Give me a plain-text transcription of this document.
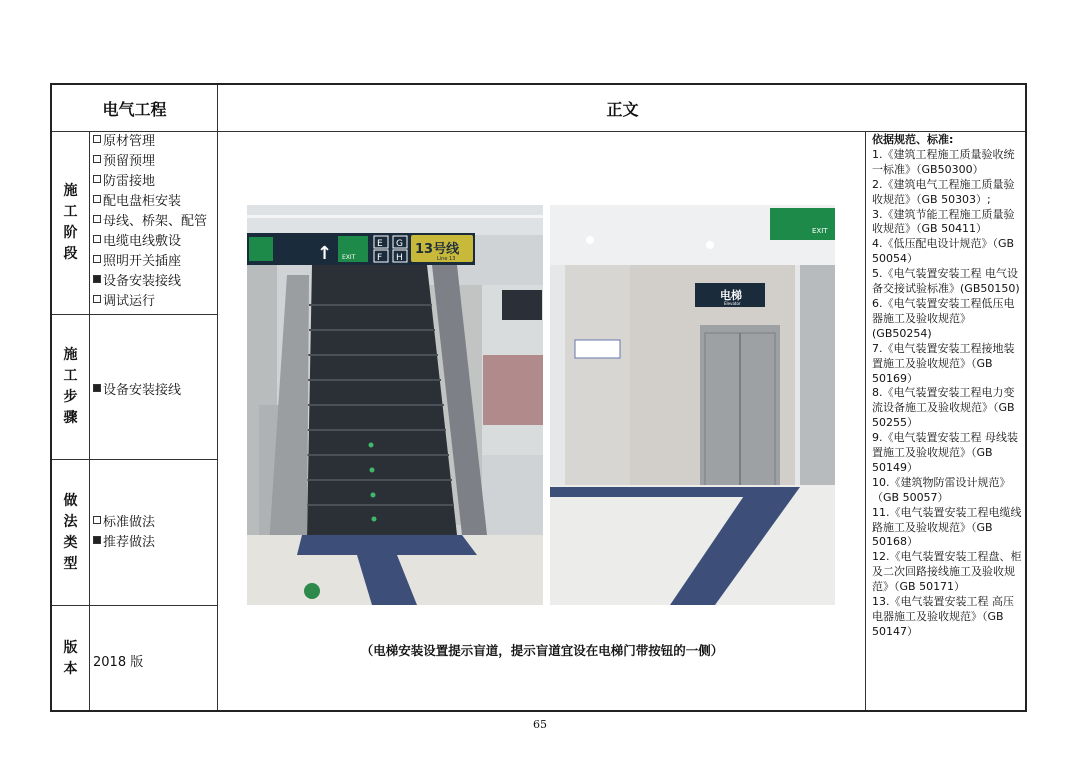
电气工程	正文
施
工
阶
段
原材管理
预留预埋
防雷接地
配电盘柜安装
母线、桥架、配管
电缆电线敷设
照明开关插座
设备安装接线
调试运行
施
工
步
骤
设备安装接线
做
法
类
型
标准做法
推荐做法
版
本 2018 版
依据规范、标准:
1.《建筑工程施工质量验收统一标准》（GB50300）
2.《建筑电气工程施工质量验收规范》（GB 50303）;
3.《建筑节能工程施工质量验收规范》（GB 50411）
4.《低压配电设计规范》（GB 50054）
5.《电气装置安装工程 电气设备交接试验标准》(GB50150)
6.《电气装置安装工程低压电器施工及验收规范》(GB50254)
7.《电气装置安装工程接地装置施工及验收规范》（GB 50169）
8.《电气装置安装工程电力变流设备施工及验收规范》（GB 50255）
9.《电气装置安装工程 母线装置施工及验收规范》（GB 50149）
10.《建筑物防雷设计规范》（GB 50057）
11.《电气装置安装工程电缆线路施工及验收规范》（GB 50168）
12.《电气装置安装工程盘、柜及二次回路接线施工及验收规范》（GB 50171）
13.《电气装置安装工程 高压电器施工及验收规范》（GB 50147）
（电梯安装设置提示盲道，提示盲道宜设在电梯门带按钮的一侧）
↑ EXIT
E
F
G
H
13号线
Line 13
EXIT
电梯
Elevator
65
